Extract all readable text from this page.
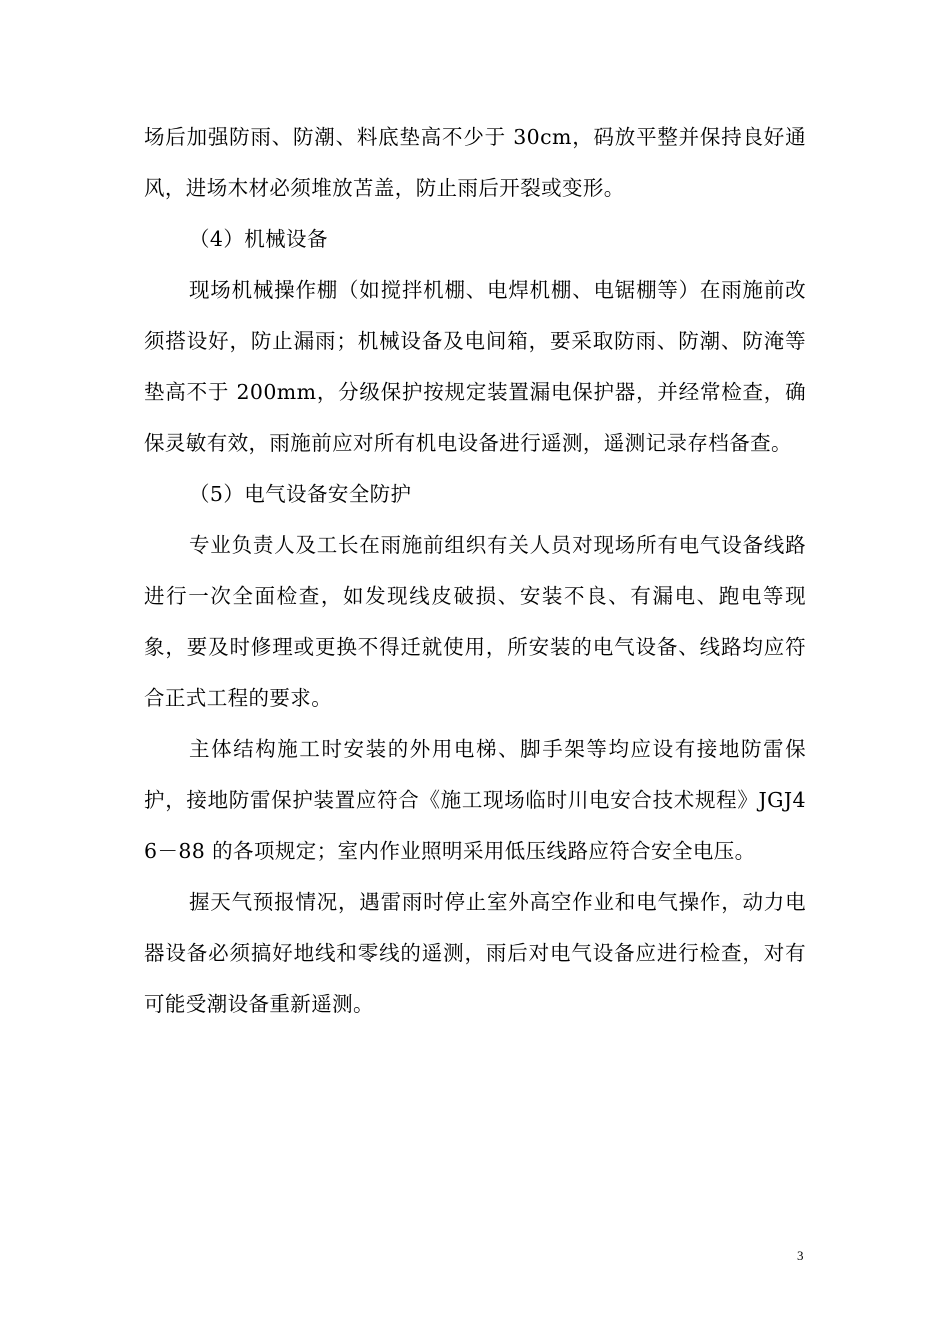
场后加强防雨、防潮、料底垫高不少于 30cm，码放平整并保持良好通风，进场木材必须堆放苫盖，防止雨后开裂或变形。

（4）机械设备

现场机械操作棚（如搅拌机棚、电焊机棚、电锯棚等）在雨施前改须搭设好，防止漏雨；机械设备及电间箱，要采取防雨、防潮、防淹等垫高不于 200mm，分级保护按规定装置漏电保护器，并经常检查，确保灵敏有效，雨施前应对所有机电设备进行遥测，遥测记录存档备查。

（5）电气设备安全防护

专业负责人及工长在雨施前组织有关人员对现场所有电气设备线路进行一次全面检查，如发现线皮破损、安装不良、有漏电、跑电等现象，要及时修理或更换不得迁就使用，所安装的电气设备、线路均应符合正式工程的要求。

主体结构施工时安装的外用电梯、脚手架等均应设有接地防雷保护，接地防雷保护装置应符合《施工现场临时川电安合技术规程》JGJ46－88 的各项规定；室内作业照明采用低压线路应符合安全电压。

握天气预报情况，遇雷雨时停止室外高空作业和电气操作，动力电器设备必须搞好地线和零线的遥测，雨后对电气设备应进行检查，对有可能受潮设备重新遥测。

3
